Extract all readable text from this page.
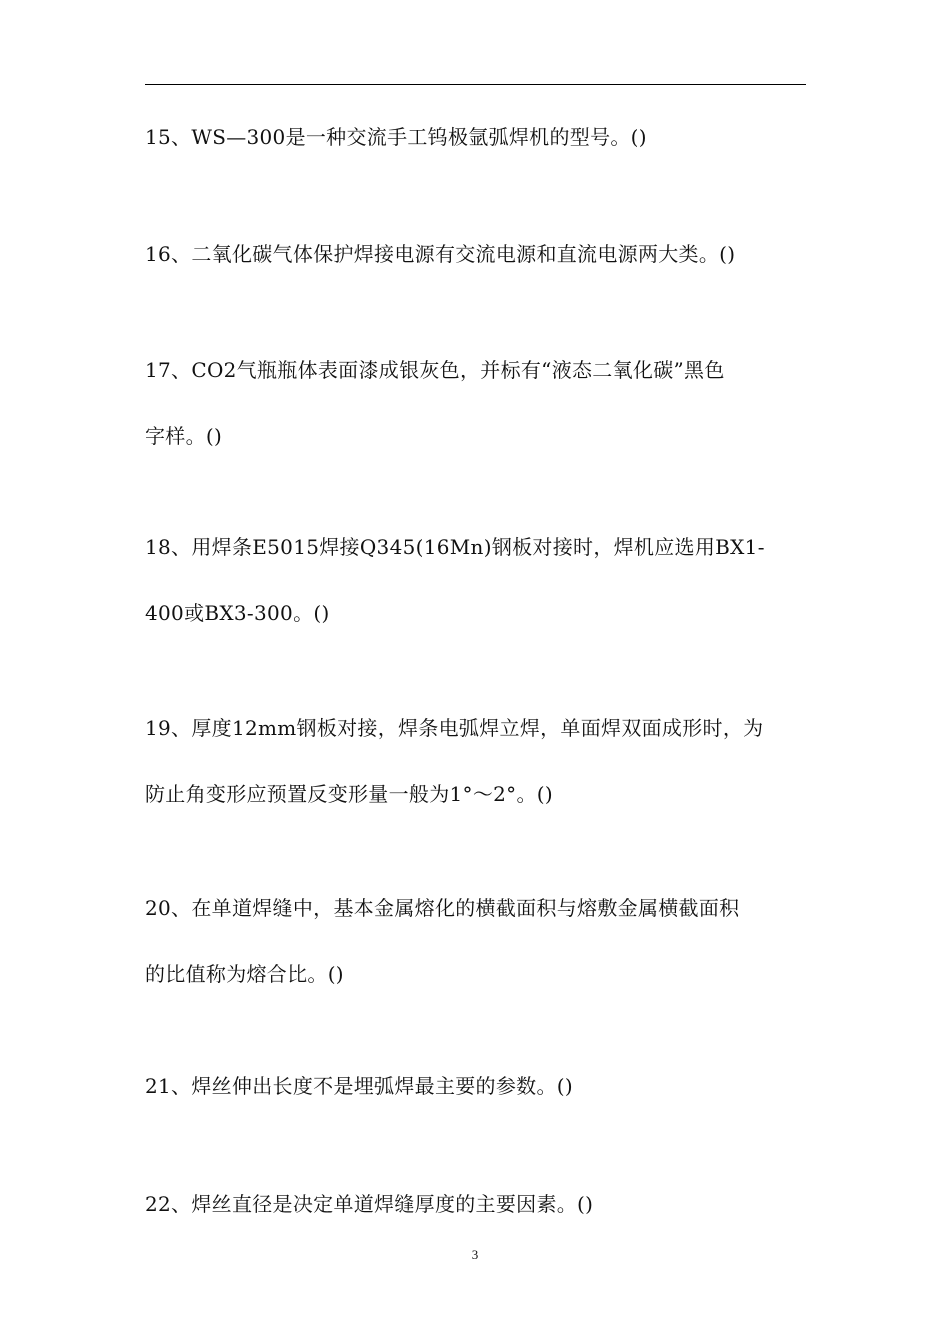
15、WS—300是一种交流手工钨极氩弧焊机的型号。()
16、二氧化碳气体保护焊接电源有交流电源和直流电源两大类。()
17、CO2气瓶瓶体表面漆成银灰色，并标有“液态二氧化碳”黑色
字样。()
18、用焊条E5015焊接Q345(16Mn)钢板对接时，焊机应选用BX1-
400或BX3-300。()
19、厚度12mm钢板对接，焊条电弧焊立焊，单面焊双面成形时，为
防止角变形应预置反变形量一般为1°～2°。()
20、在单道焊缝中，基本金属熔化的横截面积与熔敷金属横截面积
的比值称为熔合比。()
21、焊丝伸出长度不是埋弧焊最主要的参数。()
22、焊丝直径是决定单道焊缝厚度的主要因素。()
3
